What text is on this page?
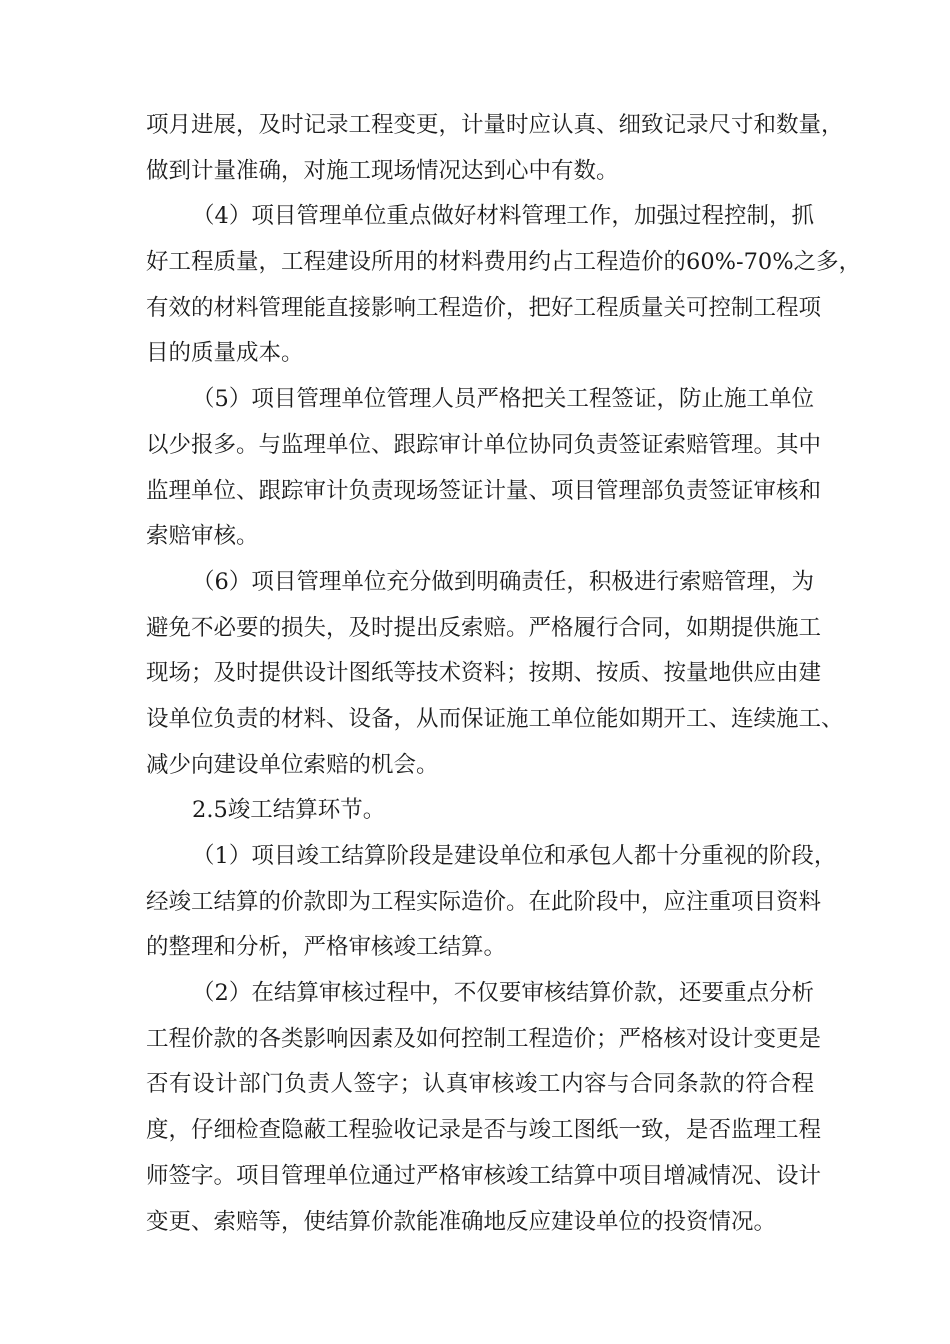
项月进展，及时记录工程变更，计量时应认真、细致记录尺寸和数量，
做到计量准确，对施工现场情况达到心中有数。
（4）项目管理单位重点做好材料管理工作，加强过程控制，抓
好工程质量，工程建设所用的材料费用约占工程造价的60%-70%之多，
有效的材料管理能直接影响工程造价，把好工程质量关可控制工程项
目的质量成本。
（5）项目管理单位管理人员严格把关工程签证，防止施工单位
以少报多。与监理单位、跟踪审计单位协同负责签证索赔管理。其中
监理单位、跟踪审计负责现场签证计量、项目管理部负责签证审核和
索赔审核。
（6）项目管理单位充分做到明确责任，积极进行索赔管理，为
避免不必要的损失，及时提出反索赔。严格履行合同，如期提供施工
现场；及时提供设计图纸等技术资料；按期、按质、按量地供应由建
设单位负责的材料、设备，从而保证施工单位能如期开工、连续施工、
减少向建设单位索赔的机会。
2.5竣工结算环节。
（1）项目竣工结算阶段是建设单位和承包人都十分重视的阶段，
经竣工结算的价款即为工程实际造价。在此阶段中，应注重项目资料
的整理和分析，严格审核竣工结算。
（2）在结算审核过程中，不仅要审核结算价款，还要重点分析
工程价款的各类影响因素及如何控制工程造价；严格核对设计变更是
否有设计部门负责人签字；认真审核竣工内容与合同条款的符合程
度，仔细检查隐蔽工程验收记录是否与竣工图纸一致，是否监理工程
师签字。项目管理单位通过严格审核竣工结算中项目增减情况、设计
变更、索赔等，使结算价款能准确地反应建设单位的投资情况。
